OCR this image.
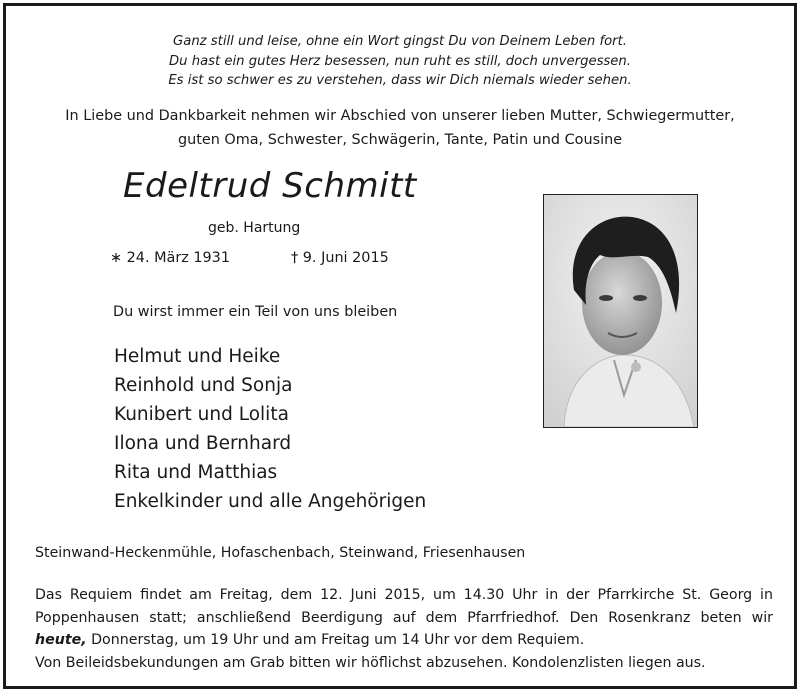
Ganz still und leise, ohne ein Wort gingst Du von Deinem Leben fort.
Du hast ein gutes Herz besessen, nun ruht es still, doch unvergessen.
Es ist so schwer es zu verstehen, dass wir Dich niemals wieder sehen.
In Liebe und Dankbarkeit nehmen wir Abschied von unserer lieben Mutter, Schwiegermutter,
guten Oma, Schwester, Schwägerin, Tante, Patin und Cousine
Edeltrud Schmitt
geb. Hartung
∗ 24. März 1931	† 9. Juni 2015
Du wirst immer ein Teil von uns bleiben
Helmut und Heike
Reinhold und Sonja
Kunibert und Lolita
Ilona und Bernhard
Rita und Matthias
Enkelkinder und alle Angehörigen
Steinwand-Heckenmühle, Hofaschenbach, Steinwand, Friesenhausen
Das Requiem findet am Freitag, dem 12. Juni 2015, um 14.30 Uhr in der Pfarrkirche St. Georg in Poppenhausen statt; anschließend Beerdigung auf dem Pfarrfriedhof. Den Rosenkranz beten wir heute, Donnerstag, um 19 Uhr und am Freitag um 14 Uhr vor dem Requiem.
Von Beileidsbekundungen am Grab bitten wir höflichst abzusehen. Kondolenzlisten liegen aus.
